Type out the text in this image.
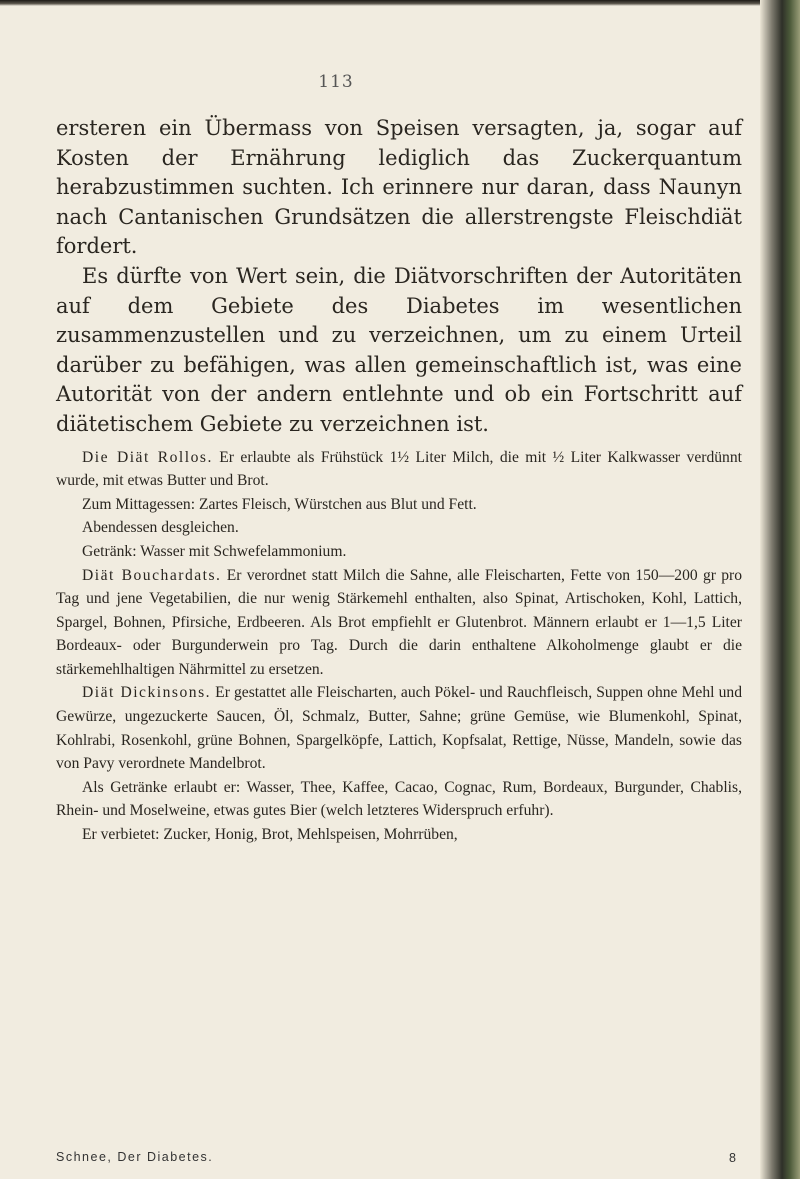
113

ersteren ein Übermass von Speisen versagten, ja, sogar auf Kosten der Ernährung lediglich das Zuckerquantum herabzustimmen suchten. Ich erinnere nur daran, dass Naunyn nach Cantanischen Grundsätzen die allerstrengste Fleischdiät fordert.

Es dürfte von Wert sein, die Diätvorschriften der Autoritäten auf dem Gebiete des Diabetes im wesentlichen zusammenzustellen und zu verzeichnen, um zu einem Urteil darüber zu befähigen, was allen gemeinschaftlich ist, was eine Autorität von der andern entlehnte und ob ein Fortschritt auf diätetischem Gebiete zu verzeichnen ist.

Die Diät Rollos. Er erlaubte als Frühstück 1½ Liter Milch, die mit ½ Liter Kalkwasser verdünnt wurde, mit etwas Butter und Brot.

Zum Mittagessen: Zartes Fleisch, Würstchen aus Blut und Fett.

Abendessen desgleichen.

Getränk: Wasser mit Schwefelammonium.

Diät Bouchardats. Er verordnet statt Milch die Sahne, alle Fleischarten, Fette von 150—200 gr pro Tag und jene Vegetabilien, die nur wenig Stärkemehl enthalten, also Spinat, Artischoken, Kohl, Lattich, Spargel, Bohnen, Pfirsiche, Erdbeeren. Als Brot empfiehlt er Glutenbrot. Männern erlaubt er 1—1,5 Liter Bordeaux- oder Burgunderwein pro Tag. Durch die darin enthaltene Alkoholmenge glaubt er die stärkemehlhaltigen Nährmittel zu ersetzen.

Diät Dickinsons. Er gestattet alle Fleischarten, auch Pökel- und Rauchfleisch, Suppen ohne Mehl und Gewürze, ungezuckerte Saucen, Öl, Schmalz, Butter, Sahne; grüne Gemüse, wie Blumenkohl, Spinat, Kohlrabi, Rosenkohl, grüne Bohnen, Spargelköpfe, Lattich, Kopfsalat, Rettige, Nüsse, Mandeln, sowie das von Pavy verordnete Mandelbrot.

Als Getränke erlaubt er: Wasser, Thee, Kaffee, Cacao, Cognac, Rum, Bordeaux, Burgunder, Chablis, Rhein- und Moselweine, etwas gutes Bier (welch letzteres Widerspruch erfuhr).

Er verbietet: Zucker, Honig, Brot, Mehlspeisen, Mohrrüben,

Schnee, Der Diabetes.	8
